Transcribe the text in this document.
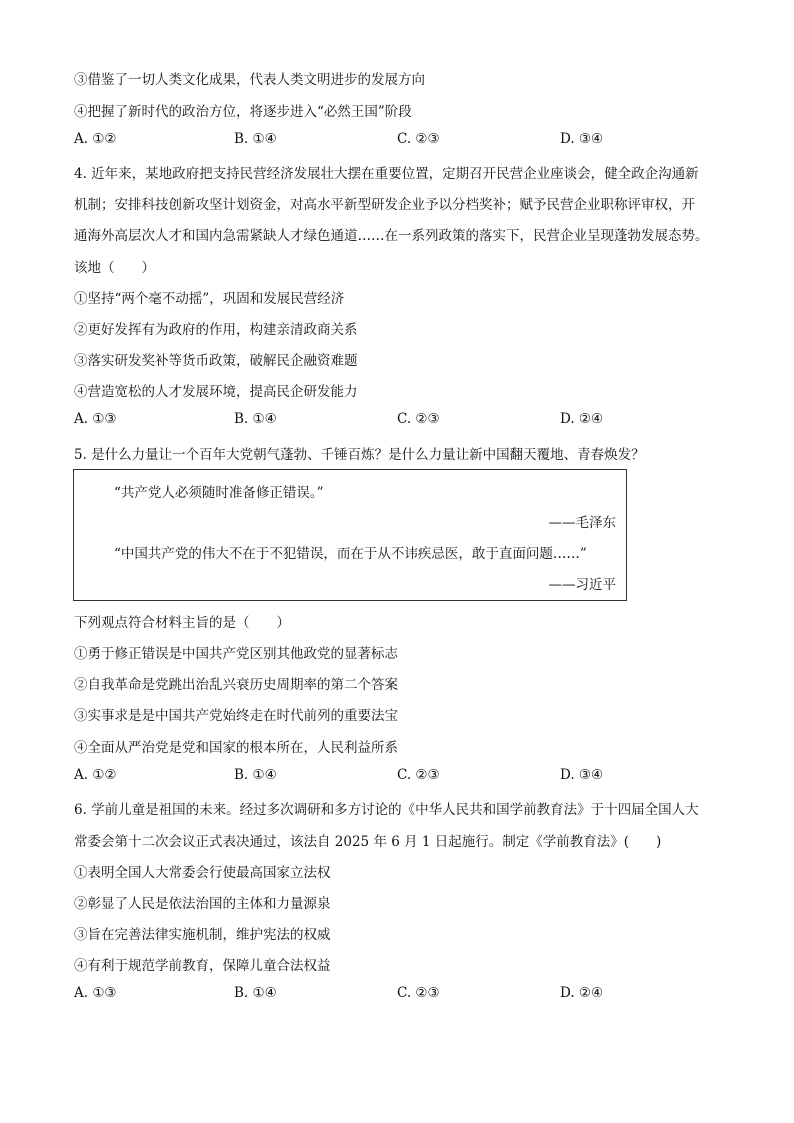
③借鉴了一切人类文化成果，代表人类文明进步的发展方向
④把握了新时代的政治方位，将逐步进入“必然王国”阶段
A. ①②	B. ①④	C. ②③	D. ③④
4. 近年来，某地政府把支持民营经济发展壮大摆在重要位置，定期召开民营企业座谈会，健全政企沟通新
机制；安排科技创新攻坚计划资金，对高水平新型研发企业予以分档奖补；赋予民营企业职称评审权，开
通海外高层次人才和国内急需紧缺人才绿色通道……在一系列政策的落实下，民营企业呈现蓬勃发展态势。
该地（　　）
①坚持“两个毫不动摇”，巩固和发展民营经济
②更好发挥有为政府的作用，构建亲清政商关系
③落实研发奖补等货币政策，破解民企融资难题
④营造宽松的人才发展环境，提高民企研发能力
A. ①③	B. ①④	C. ②③	D. ②④
5. 是什么力量让一个百年大党朝气蓬勃、千锤百炼？是什么力量让新中国翻天覆地、青春焕发？
“共产党人必须随时准备修正错误。”
——毛泽东
“中国共产党的伟大不在于不犯错误，而在于从不讳疾忌医，敢于直面问题……”
——习近平
下列观点符合材料主旨的是（　　）
①勇于修正错误是中国共产党区别其他政党的显著标志
②自我革命是党跳出治乱兴衰历史周期率的第二个答案
③实事求是是中国共产党始终走在时代前列的重要法宝
④全面从严治党是党和国家的根本所在，人民利益所系
A. ①②	B. ①④	C. ②③	D. ③④
6. 学前儿童是祖国的未来。经过多次调研和多方讨论的《中华人民共和国学前教育法》于十四届全国人大
常委会第十二次会议正式表决通过，该法自 2025 年 6 月 1 日起施行。制定《学前教育法》(　　)
①表明全国人大常委会行使最高国家立法权
②彰显了人民是依法治国的主体和力量源泉
③旨在完善法律实施机制，维护宪法的权威
④有利于规范学前教育，保障儿童合法权益
A. ①③	B. ①④	C. ②③	D. ②④
